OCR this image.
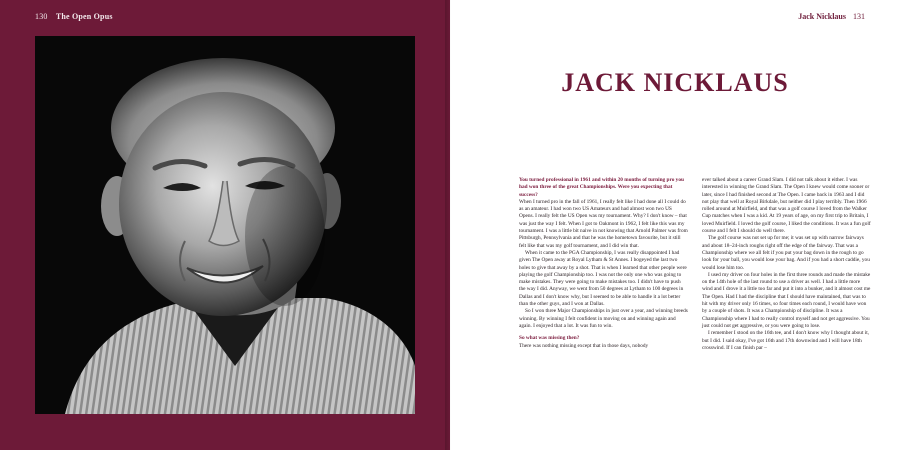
130 The Open Opus	Jack Nicklaus 131
JACK NICKLAUS

You turned professional in 1961 and within 20 months of turning pro you had won three of the great Championships. Were you expecting that success?

When I turned pro in the fall of 1961, I really felt like I had done all I could do as an amateur. I had won two US Amateurs and had almost won two US Opens. I really felt the US Open was my tournament. Why? I don't know – that was just the way I felt. When I got to Oakmont in 1962, I felt like this was my tournament. I was a little bit naive in not knowing that Arnold Palmer was from Pittsburgh, Pennsylvania and that he was the hometown favourite, but it still felt like that was my golf tournament, and I did win that.

When it came to the PGA Championship, I was really disappointed I had given The Open away at Royal Lytham & St Annes. I bogeyed the last two holes to give that away by a shot. That is when I learned that other people were playing the golf Championship too. I was not the only one who was going to make mistakes. They were going to make mistakes too. I didn't have to push the way I did. Anyway, we went from 50 degrees at Lytham to 100 degrees in Dallas and I don't know why, but I seemed to be able to handle it a lot better than the other guys, and I won at Dallas.

So I won three Major Championships in just over a year, and winning breeds winning. By winning I felt confident in moving on and winning again and again. I enjoyed that a lot. It was fun to win.

So what was missing then?

There was nothing missing except that in those days, nobody

ever talked about a career Grand Slam. I did not talk about it either. I was interested in winning the Grand Slam. The Open I knew would come sooner or later, since I had finished second at The Open. I came back in 1963 and I did not play that well at Royal Birkdale, but neither did I play terribly. Then 1966 rolled around at Muirfield, and that was a golf course I loved from the Walker Cup matches when I was a kid. At 19 years of age, on my first trip to Britain, I loved Muirfield. I loved the golf course, I liked the conditions. It was a fun golf course and I felt I should do well there.

The golf course was not set up for me; it was set up with narrow fairways and about 18–24-inch roughs right off the edge of the fairway. That was a Championship where we all felt if you put your bag down in the rough to go look for your ball, you would lose your bag. And if you had a short caddie, you would lose him too.

I used my driver on four holes in the first three rounds and made the mistake on the 14th hole of the last round to use a driver as well. I had a little more wind and I drove it a little too far and put it into a bunker, and it almost cost me The Open. Had I had the discipline that I should have maintained, that was to hit with my driver only 16 times, so four times each round, I would have won by a couple of shots. It was a Championship of discipline. It was a Championship where I had to really control myself and not get aggressive. You just could not get aggressive, or you were going to lose.

I remember I stood on the 16th tee, and I don't know why I thought about it, but I did. I said okay, I've got 16th and 17th downwind and I will have 18th crosswind. If I can finish par –
